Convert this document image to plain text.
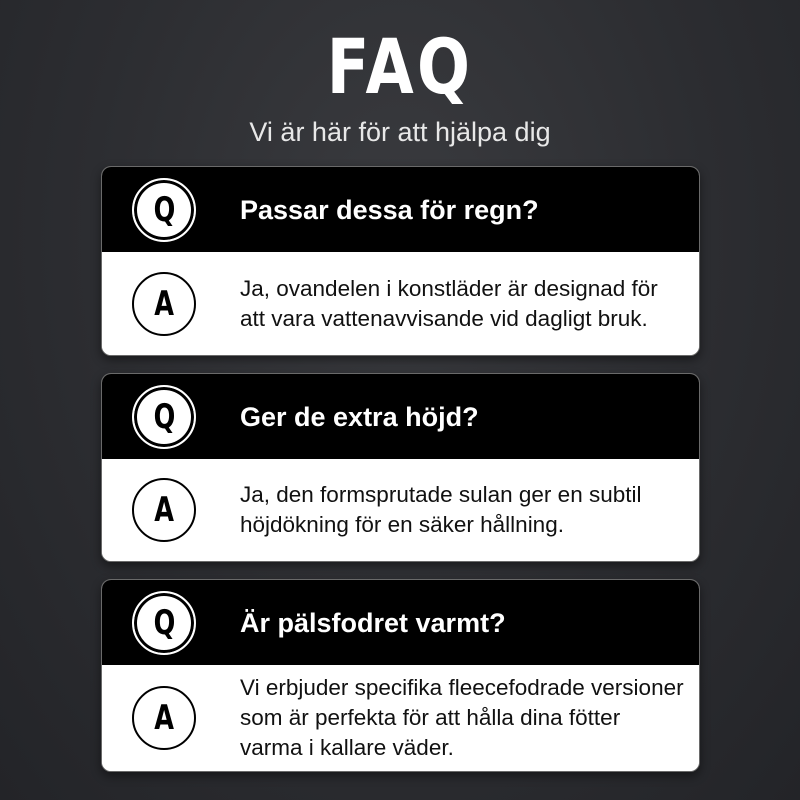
FAQ
Vi är här för att hjälpa dig
Q Passar dessa för regn?
A	Ja, ovandelen i konstläder är designad för att vara vattenavvisande vid dagligt bruk.
Q Ger de extra höjd?
A	Ja, den formsprutade sulan ger en subtil höjdökning för en säker hållning.
Q Är pälsfodret varmt?
A
Vi erbjuder specifika fleecefodrade versioner som är perfekta för att hålla dina fötter varma i kallare väder.
